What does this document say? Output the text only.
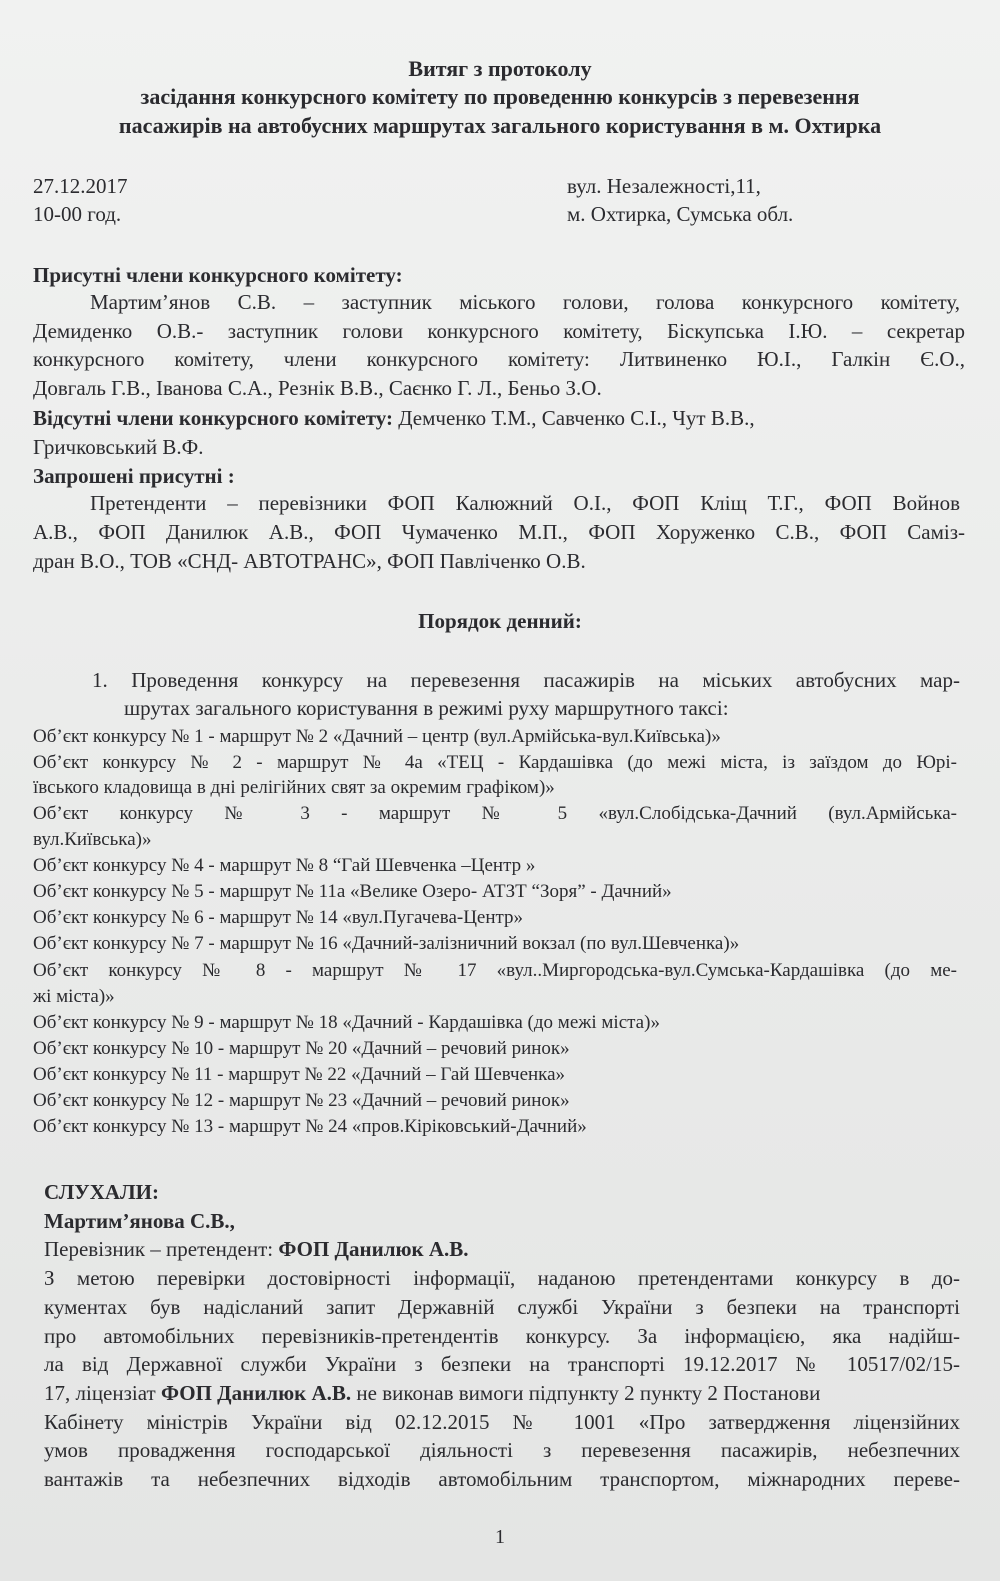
Витяг з протоколу
засідання конкурсного комітету по проведенню конкурсів з перевезення
пасажирів на автобусних маршрутах загального користування в м. Охтирка
27.12.2017
10-00 год.
вул. Незалежності,11,
м. Охтирка, Сумська обл.
Присутні члени конкурсного комітету:
Мартим’янов С.В. – заступник міського голови, голова конкурсного комітету,
Демиденко О.В.- заступник голови конкурсного комітету, Біскупська І.Ю. – секретар
конкурсного комітету, члени конкурсного комітету: Литвиненко Ю.І., Галкін Є.О.,
Довгаль Г.В., Іванова С.А., Резнік В.В., Саєнко Г. Л., Беньо З.О.
Відсутні члени конкурсного комітету: Демченко Т.М., Савченко С.І., Чут В.В.,
Гричковський В.Ф.
Запрошені присутні :
Претенденти – перевізники ФОП Калюжний О.І., ФОП Кліщ Т.Г., ФОП Войнов
А.В., ФОП Данилюк А.В., ФОП Чумаченко М.П., ФОП Хоруженко С.В., ФОП Саміз-
дран В.О., ТОВ «СНД- АВТОТРАНС», ФОП Павліченко О.В.
Порядок денний:
1. Проведення конкурсу на перевезення пасажирів на міських автобусних мар-
шрутах загального користування в режимі руху маршрутного таксі:
Об’єкт конкурсу № 1 - маршрут № 2 «Дачний – центр (вул.Армійська-вул.Київська)»
Об’єкт конкурсу № 2 - маршрут № 4а «ТЕЦ - Кардашівка (до межі міста, із заїздом до Юрі-
ївського кладовища в дні релігійних свят за окремим графіком)»
Об’єкт конкурсу № 3 - маршрут № 5 «вул.Слобідська-Дачний (вул.Армійська-
вул.Київська)»
Об’єкт конкурсу № 4 - маршрут № 8 “Гай Шевченка –Центр »
Об’єкт конкурсу № 5 - маршрут № 11а «Велике Озеро- АТЗТ “Зоря” - Дачний»
Об’єкт конкурсу № 6 - маршрут № 14 «вул.Пугачева-Центр»
Об’єкт конкурсу № 7 - маршрут № 16 «Дачний-залізничний вокзал (по вул.Шевченка)»
Об’єкт конкурсу № 8 - маршрут № 17 «вул..Миргородська-вул.Сумська-Кардашівка (до ме-
жі міста)»
Об’єкт конкурсу № 9 - маршрут № 18 «Дачний - Кардашівка (до межі міста)»
Об’єкт конкурсу № 10 - маршрут № 20 «Дачний – речовий ринок»
Об’єкт конкурсу № 11 - маршрут № 22 «Дачний – Гай Шевченка»
Об’єкт конкурсу № 12 - маршрут № 23 «Дачний – речовий ринок»
Об’єкт конкурсу № 13 - маршрут № 24 «пров.Кіріковський-Дачний»
СЛУХАЛИ:
Мартим’янова С.В.,
Перевізник – претендент: ФОП Данилюк А.В.
З метою перевірки достовірності інформації, наданою претендентами конкурсу в до-
кументах був надісланий запит Державній службі України з безпеки на транспорті
про автомобільних перевізників-претендентів конкурсу. За інформацією, яка надійш-
ла від Державної служби України з безпеки на транспорті 19.12.2017 № 10517/02/15-
17, ліцензіат ФОП Данилюк А.В. не виконав вимоги підпункту 2 пункту 2 Постанови
Кабінету міністрів України від 02.12.2015 № 1001 «Про затвердження ліцензійних
умов провадження господарської діяльності з перевезення пасажирів, небезпечних
вантажів та небезпечних відходів автомобільним транспортом, міжнародних переве-
1
